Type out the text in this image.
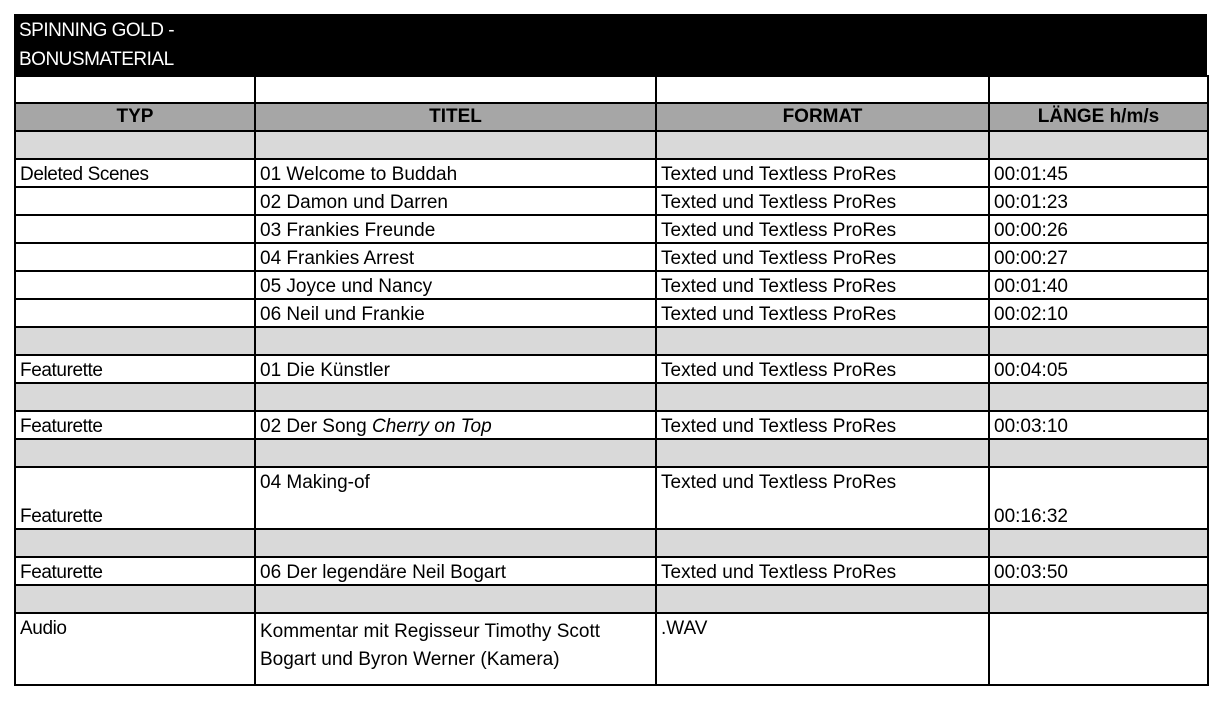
SPINNING GOLD -
BONUSMATERIAL

TYP	TITEL	FORMAT	LÄNGE h/m/s

Deleted Scenes	01 Welcome to Buddah	Texted und Textless ProRes	00:01:45
	02 Damon und Darren	Texted und Textless ProRes	00:01:23
	03 Frankies Freunde	Texted und Textless ProRes	00:00:26
	04 Frankies Arrest	Texted und Textless ProRes	00:00:27
	05 Joyce und Nancy	Texted und Textless ProRes	00:01:40
	06 Neil und Frankie	Texted und Textless ProRes	00:02:10

Featurette	01 Die Künstler	Texted und Textless ProRes	00:04:05

Featurette	02 Der Song Cherry on Top	Texted und Textless ProRes	00:03:10

Featurette	04 Making-of	Texted und Textless ProRes	00:16:32

Featurette	06 Der legendäre Neil Bogart	Texted und Textless ProRes	00:03:50

Audio	Kommentar mit Regisseur Timothy Scott Bogart und Byron Werner (Kamera)	.WAV	
